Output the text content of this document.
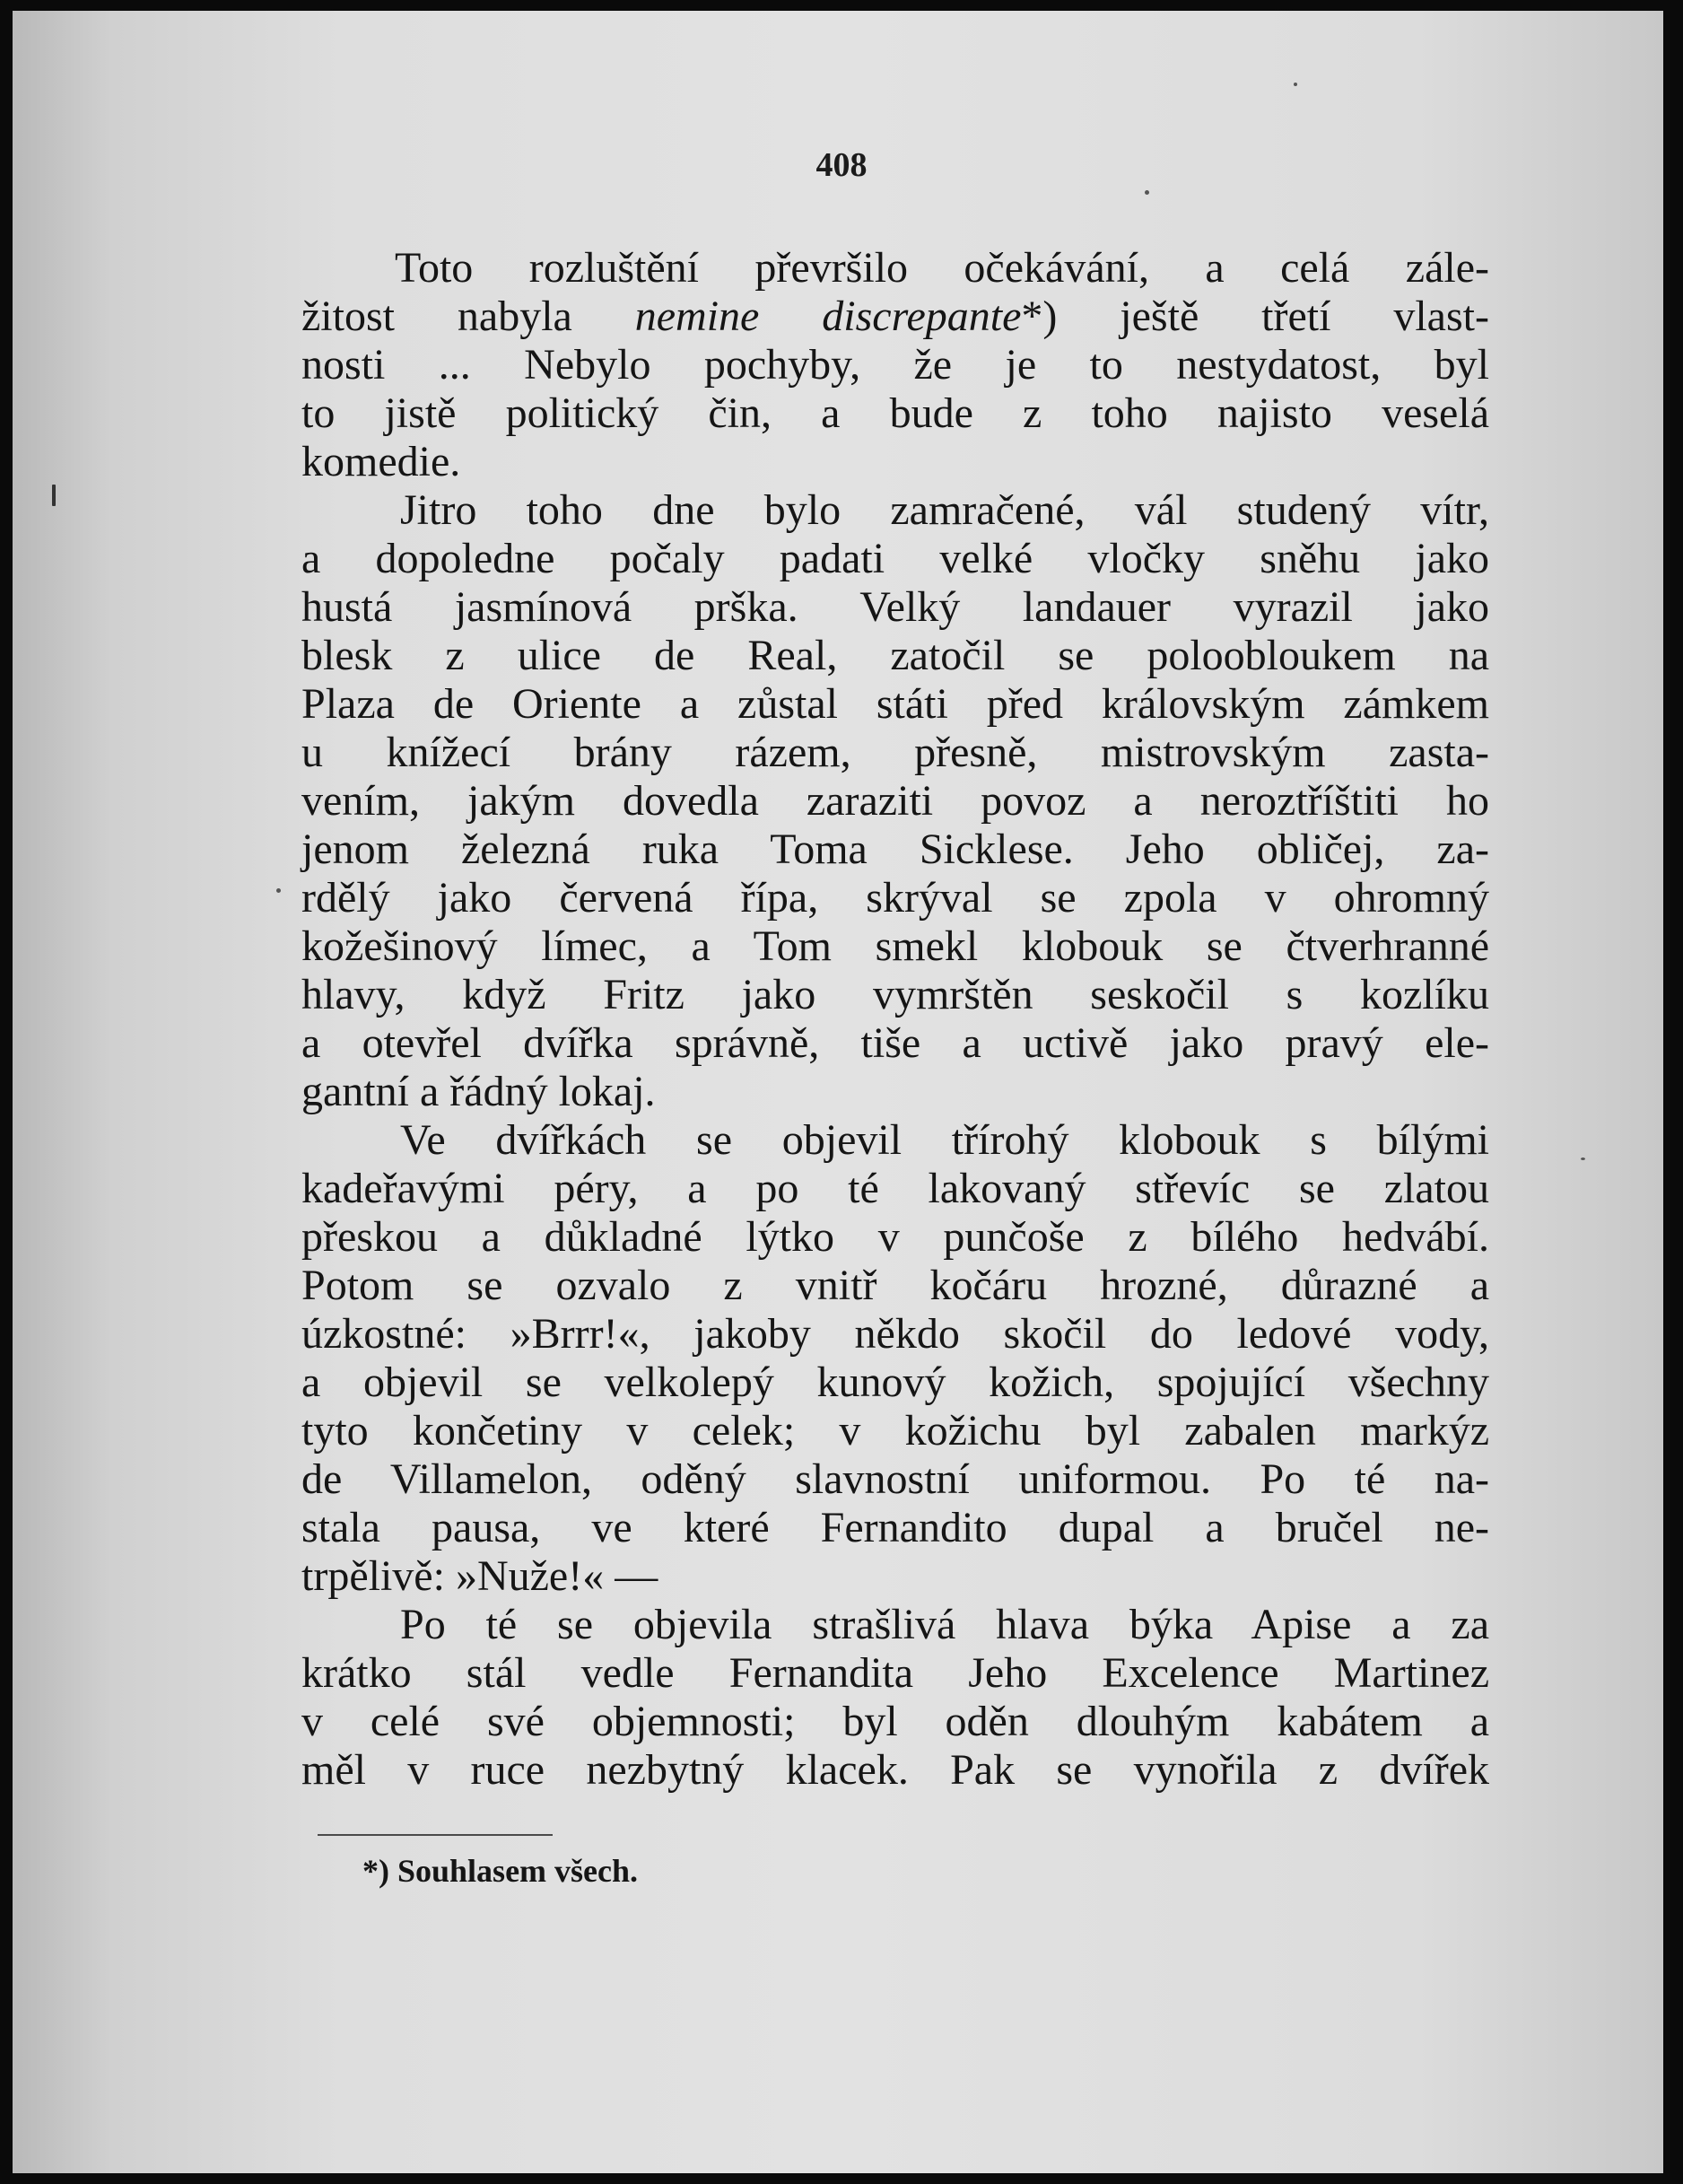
408
Toto rozluštění převršilo očekávání, a celá zále-
žitost nabyla nemine discrepante*) ještě třetí vlast-
nosti ... Nebylo pochyby, že je to nestydatost, byl
to jistě politický čin, a bude z toho najisto veselá
komedie.
Jitro toho dne bylo zamračené, vál studený vítr,
a dopoledne počaly padati velké vločky sněhu jako
hustá jasmínová prška. Velký landauer vyrazil jako
blesk z ulice de Real, zatočil se poloobloukem na
Plaza de Oriente a zůstal státi před královským zámkem
u knížecí brány rázem, přesně, mistrovským zasta-
vením, jakým dovedla zaraziti povoz a neroztříštiti ho
jenom železná ruka Toma Sicklese. Jeho obličej, za-
rdělý jako červená řípa, skrýval se zpola v ohromný
kožešinový límec, a Tom smekl klobouk se čtverhranné
hlavy, když Fritz jako vymrštěn seskočil s kozlíku
a otevřel dvířka správně, tiše a uctivě jako pravý ele-
gantní a řádný lokaj.
Ve dvířkách se objevil třírohý klobouk s bílými
kadeřavými péry, a po té lakovaný střevíc se zlatou
přeskou a důkladné lýtko v punčoše z bílého hedvábí.
Potom se ozvalo z vnitř kočáru hrozné, důrazné a
úzkostné: »Brrr!«, jakoby někdo skočil do ledové vody,
a objevil se velkolepý kunový kožich, spojující všechny
tyto končetiny v celek; v kožichu byl zabalen markýz
de Villamelon, oděný slavnostní uniformou. Po té na-
stala pausa, ve které Fernandito dupal a bručel ne-
trpělivě: »Nuže!« —
Po té se objevila strašlivá hlava býka Apise a za
krátko stál vedle Fernandita Jeho Excelence Martinez
v celé své objemnosti; byl oděn dlouhým kabátem a
měl v ruce nezbytný klacek. Pak se vynořila z dvířek
*) Souhlasem všech.
